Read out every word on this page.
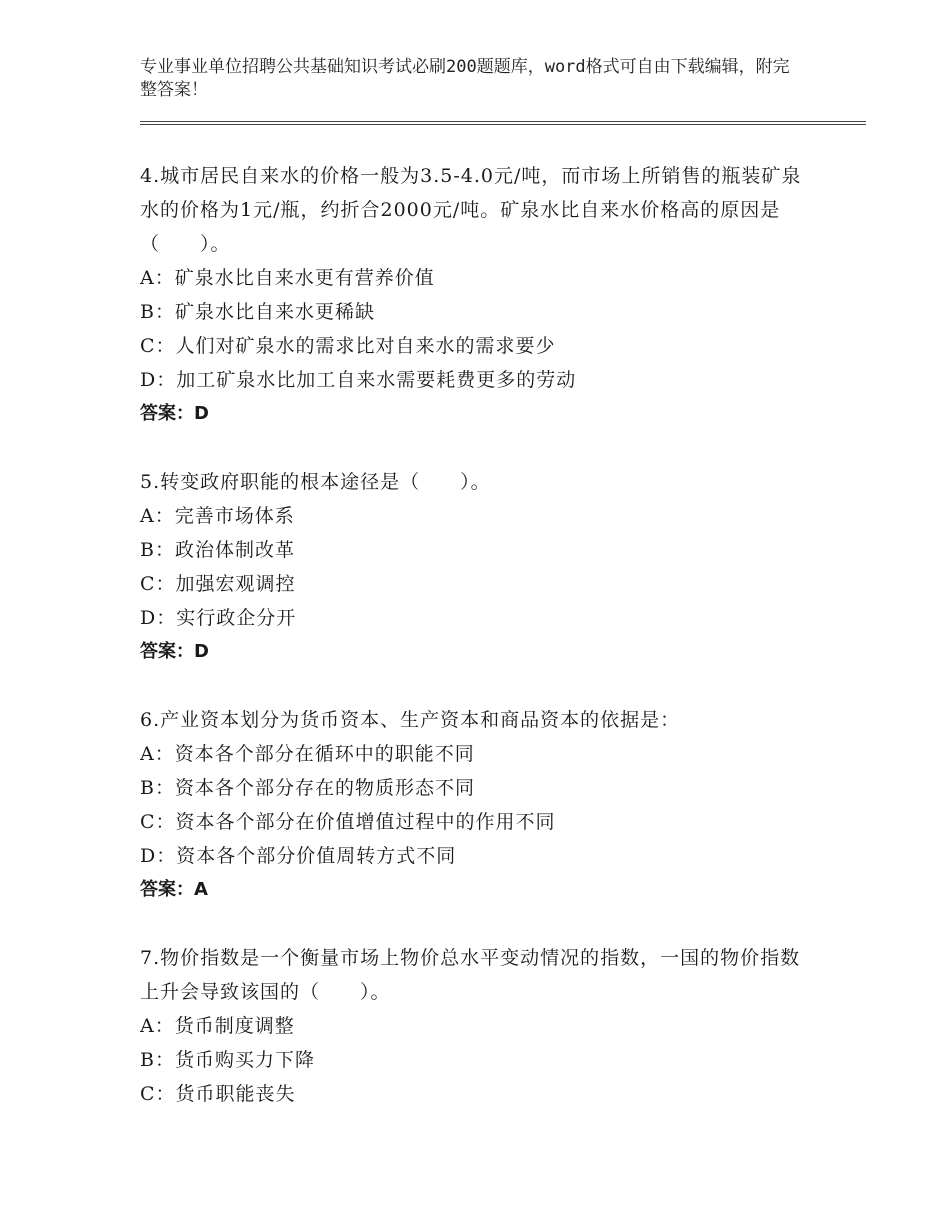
专业事业单位招聘公共基础知识考试必刷200题题库，word格式可自由下载编辑，附完整答案！
4.城市居民自来水的价格一般为3.5-4.0元/吨，而市场上所销售的瓶装矿泉水的价格为1元/瓶，约折合2000元/吨。矿泉水比自来水价格高的原因是（　　）。
A：矿泉水比自来水更有营养价值
B：矿泉水比自来水更稀缺
C：人们对矿泉水的需求比对自来水的需求要少
D：加工矿泉水比加工自来水需要耗费更多的劳动
答案：D
5.转变政府职能的根本途径是（　　）。
A：完善市场体系
B：政治体制改革
C：加强宏观调控
D：实行政企分开
答案：D
6.产业资本划分为货币资本、生产资本和商品资本的依据是：
A：资本各个部分在循环中的职能不同
B：资本各个部分存在的物质形态不同
C：资本各个部分在价值增值过程中的作用不同
D：资本各个部分价值周转方式不同
答案：A
7.物价指数是一个衡量市场上物价总水平变动情况的指数，一国的物价指数上升会导致该国的（　　）。
A：货币制度调整
B：货币购买力下降
C：货币职能丧失
